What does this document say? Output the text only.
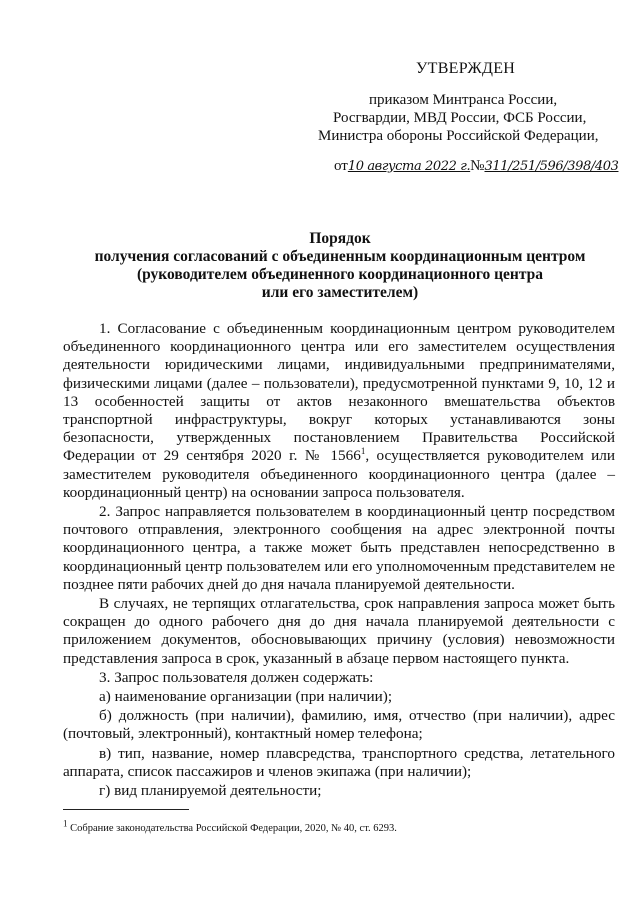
УТВЕРЖДЕН
приказом Минтранса России,
Росгвардии, МВД России, ФСБ России,
Министра обороны Российской Федерации,
от10 августа 2022 г.№311/251/596/398/403
Порядок
получения согласований с объединенным координационным центром
(руководителем объединенного координационного центра
или его заместителем)

1. Согласование с объединенным координационным центром руководителем объединенного координационного центра или его заместителем осуществления деятельности юридическими лицами, индивидуальными предпринимателями, физическими лицами (далее – пользователи), предусмотренной пунктами 9, 10, 12 и 13 особенностей защиты от актов незаконного вмешательства объектов транспортной инфраструктуры, вокруг которых устанавливаются зоны безопасности, утвержденных постановлением Правительства Российской Федерации от 29 сентября 2020 г. № 1566$^1$, осуществляется руководителем или заместителем руководителя объединенного координационного центра (далее – координационный центр) на основании запроса пользователя.

2. Запрос направляется пользователем в координационный центр посредством почтового отправления, электронного сообщения на адрес электронной почты координационного центра, а также может быть представлен непосредственно в координационный центр пользователем или его уполномоченным представителем не позднее пяти рабочих дней до дня начала планируемой деятельности.

В случаях, не терпящих отлагательства, срок направления запроса может быть сокращен до одного рабочего дня до дня начала планируемой деятельности с приложением документов, обосновывающих причину (условия) невозможности представления запроса в срок, указанный в абзаце первом настоящего пункта.

3. Запрос пользователя должен содержать:

а) наименование организации (при наличии);

б) должность (при наличии), фамилию, имя, отчество (при наличии), адрес (почтовый, электронный), контактный номер телефона;

в) тип, название, номер плавсредства, транспортного средства, летательного аппарата, список пассажиров и членов экипажа (при наличии);

г) вид планируемой деятельности;

$^1$ Собрание законодательства Российской Федерации, 2020, № 40, ст. 6293.
